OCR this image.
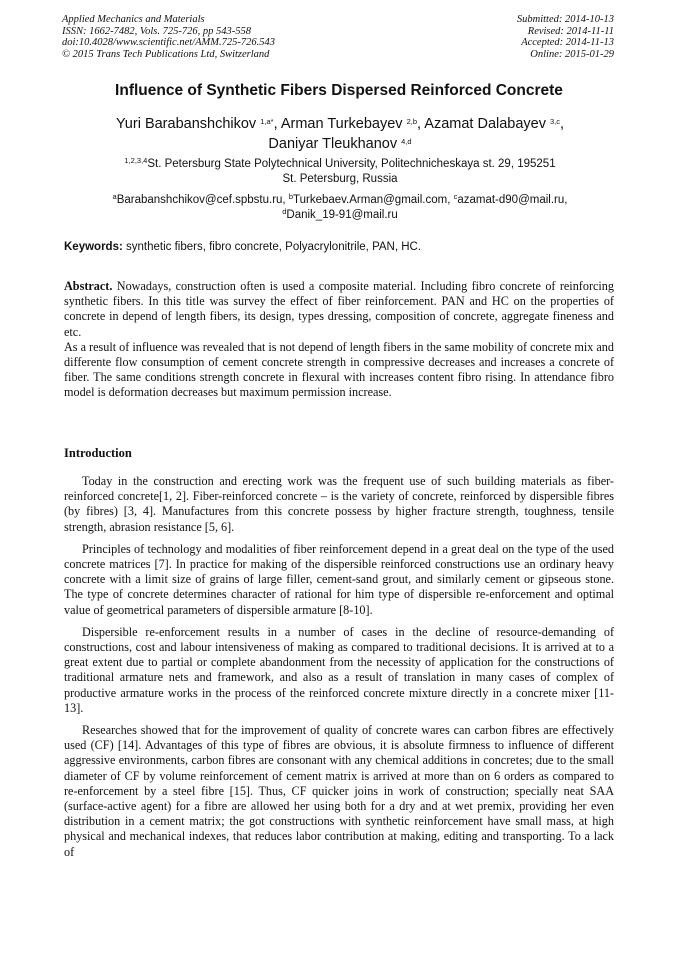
Applied Mechanics and Materials
ISSN: 1662-7482, Vols. 725-726, pp 543-558
doi:10.4028/www.scientific.net/AMM.725-726.543
© 2015 Trans Tech Publications Ltd, Switzerland
Submitted: 2014-10-13
Revised: 2014-11-11
Accepted: 2014-11-13
Online: 2015-01-29
Influence of Synthetic Fibers Dispersed Reinforced Concrete
Yuri Barabanshchikov $^{1,a*}$, Arman Turkebayev $^{2,b}$, Azamat Dalabayev $^{3,c}$,
Daniyar Tleukhanov $^{4,d}$
$^{1,2,3,4}$St. Petersburg State Polytechnical University, Politechnicheskaya st. 29, 195251
St. Petersburg, Russia
$^a$Barabanshchikov@cef.spbstu.ru, $^b$Turkebaev.Arman@gmail.com, $^c$azamat-d90@mail.ru,
$^d$Danik_19-91@mail.ru
Keywords: synthetic fibers, fibro concrete, Polyacrylonitrile, PAN, HC.

Abstract. Nowadays, construction often is used a composite material. Including fibro concrete of reinforcing synthetic fibers. In this title was survey the effect of fiber reinforcement. PAN and HC on the properties of concrete in depend of length fibers, its design, types dressing, composition of concrete, aggregate fineness and etc.

As a result of influence was revealed that is not depend of length fibers in the same mobility of concrete mix and differente flow consumption of cement concrete strength in compressive decreases and increases a concrete of fiber. The same conditions strength concrete in flexural with increases content fibro rising. In attendance fibro model is deformation decreases but maximum permission increase.

Introduction

Today in the construction and erecting work was the frequent use of such building materials as fiber-reinforced concrete[1, 2]. Fiber-reinforced concrete – is the variety of concrete, reinforced by dispersible fibres (by fibres) [3, 4]. Manufactures from this concrete possess by higher fracture strength, toughness, tensile strength, abrasion resistance [5, 6].

Principles of technology and modalities of fiber reinforcement depend in a great deal on the type of the used concrete matrices [7]. In practice for making of the dispersible reinforced constructions use an ordinary heavy concrete with a limit size of grains of large filler, cement-sand grout, and similarly cement or gipseous stone. The type of concrete determines character of rational for him type of dispersible re-enforcement and optimal value of geometrical parameters of dispersible armature [8-10].

Dispersible re-enforcement results in a number of cases in the decline of resource-demanding of constructions, cost and labour intensiveness of making as compared to traditional decisions. It is arrived at to a great extent due to partial or complete abandonment from the necessity of application for the constructions of traditional armature nets and framework, and also as a result of translation in many cases of complex of productive armature works in the process of the reinforced concrete mixture directly in a concrete mixer [11-13].

Researches showed that for the improvement of quality of concrete wares can carbon fibres are effectively used (CF) [14]. Advantages of this type of fibres are obvious, it is absolute firmness to influence of different aggressive environments, carbon fibres are consonant with any chemical additions in concretes; due to the small diameter of CF by volume reinforcement of cement matrix is arrived at more than on 6 orders as compared to re-enforcement by a steel fibre [15]. Thus, CF quicker joins in work of construction; specially neat SAA (surface-active agent) for a fibre are allowed her using both for a dry and at wet premix, providing her even distribution in a cement matrix; the got constructions with synthetic reinforcement have small mass, at high physical and mechanical indexes, that reduces labor contribution at making, editing and transporting. To a lack of
